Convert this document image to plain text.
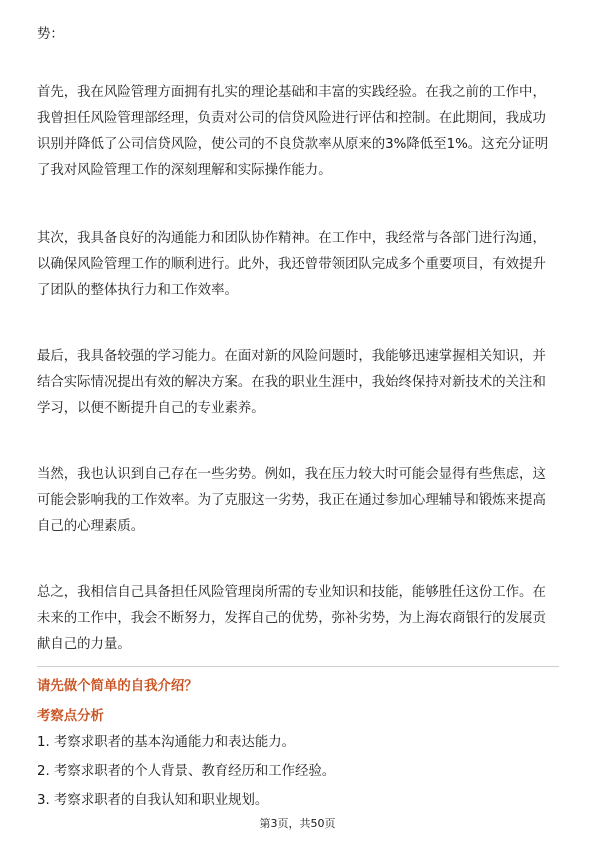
势：

首先，我在风险管理方面拥有扎实的理论基础和丰富的实践经验。在我之前的工作中，我曾担任风险管理部经理，负责对公司的信贷风险进行评估和控制。在此期间，我成功识别并降低了公司信贷风险，使公司的不良贷款率从原来的3%降低至1%。这充分证明了我对风险管理工作的深刻理解和实际操作能力。

其次，我具备良好的沟通能力和团队协作精神。在工作中，我经常与各部门进行沟通，以确保风险管理工作的顺利进行。此外，我还曾带领团队完成多个重要项目，有效提升了团队的整体执行力和工作效率。

最后，我具备较强的学习能力。在面对新的风险问题时，我能够迅速掌握相关知识，并结合实际情况提出有效的解决方案。在我的职业生涯中，我始终保持对新技术的关注和学习，以便不断提升自己的专业素养。

当然，我也认识到自己存在一些劣势。例如，我在压力较大时可能会显得有些焦虑，这可能会影响我的工作效率。为了克服这一劣势，我正在通过参加心理辅导和锻炼来提高自己的心理素质。

总之，我相信自己具备担任风险管理岗所需的专业知识和技能，能够胜任这份工作。在未来的工作中，我会不断努力，发挥自己的优势，弥补劣势，为上海农商银行的发展贡献自己的力量。

请先做个简单的自我介绍？

考察点分析

1. 考察求职者的基本沟通能力和表达能力。
2. 考察求职者的个人背景、教育经历和工作经验。
3. 考察求职者的自我认知和职业规划。
第3页，共50页
